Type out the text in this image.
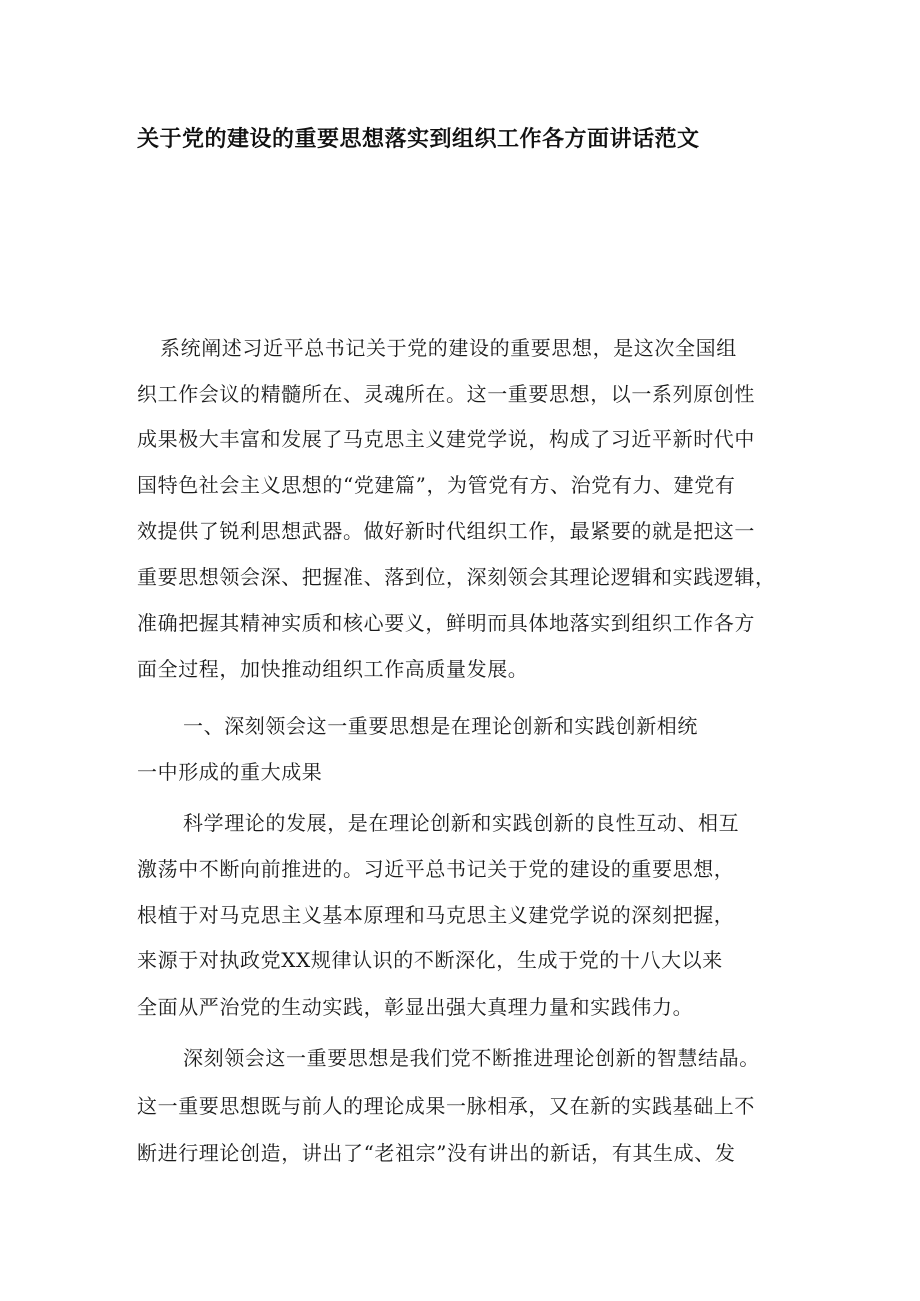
关于党的建设的重要思想落实到组织工作各方面讲话范文
系统阐述习近平总书记关于党的建设的重要思想，是这次全国组
织工作会议的精髓所在、灵魂所在。这一重要思想，以一系列原创性
成果极大丰富和发展了马克思主义建党学说，构成了习近平新时代中
国特色社会主义思想的“党建篇”，为管党有方、治党有力、建党有
效提供了锐利思想武器。做好新时代组织工作，最紧要的就是把这一
重要思想领会深、把握准、落到位，深刻领会其理论逻辑和实践逻辑，
准确把握其精神实质和核心要义，鲜明而具体地落实到组织工作各方
面全过程，加快推动组织工作高质量发展。
一、深刻领会这一重要思想是在理论创新和实践创新相统
一中形成的重大成果
科学理论的发展，是在理论创新和实践创新的良性互动、相互
激荡中不断向前推进的。习近平总书记关于党的建设的重要思想，
根植于对马克思主义基本原理和马克思主义建党学说的深刻把握，
来源于对执政党XX规律认识的不断深化，生成于党的十八大以来
全面从严治党的生动实践，彰显出强大真理力量和实践伟力。
深刻领会这一重要思想是我们党不断推进理论创新的智慧结晶。
这一重要思想既与前人的理论成果一脉相承，又在新的实践基础上不
断进行理论创造，讲出了“老祖宗”没有讲出的新话，有其生成、发
